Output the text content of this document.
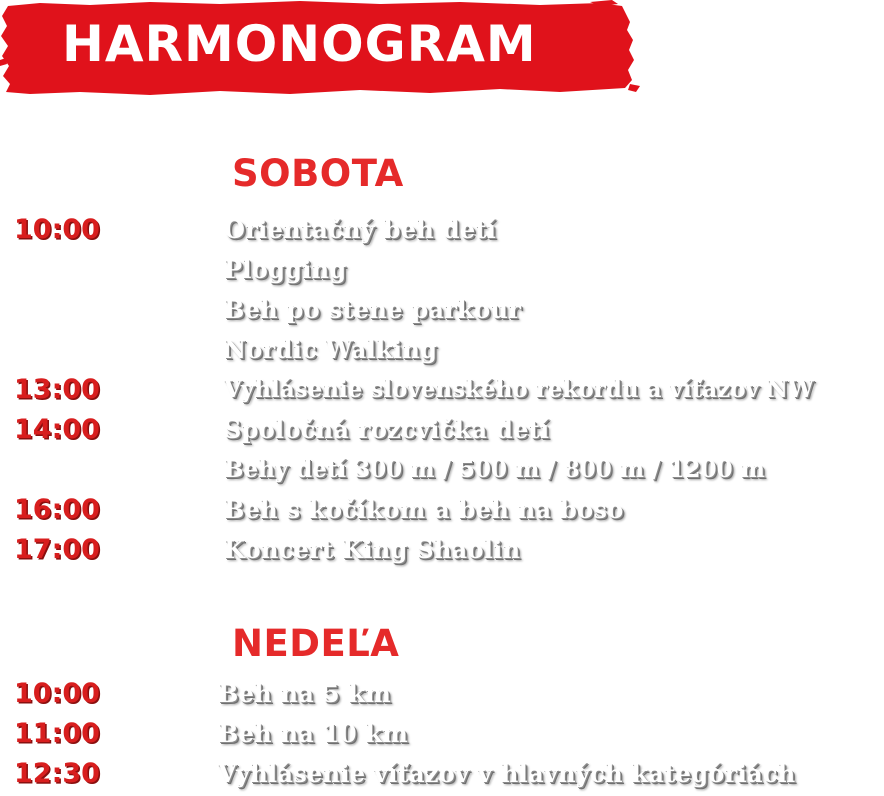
HARMONOGRAM
SOBOTA
10:00	Orientačný beh detí
Plogging
Beh po stene parkour
Nordic Walking
13:00	Vyhlásenie slovenského rekordu a víťazov NW
14:00	Spoločná rozcvička detí
Behy detí 300 m / 500 m / 800 m / 1200 m
16:00	Beh s kočíkom a beh na boso
17:00	Koncert King Shaolin
NEDEĽA
10:00	Beh na 5 km
11:00	Beh na 10 km
12:30	Vyhlásenie víťazov v hlavných kategóriách
